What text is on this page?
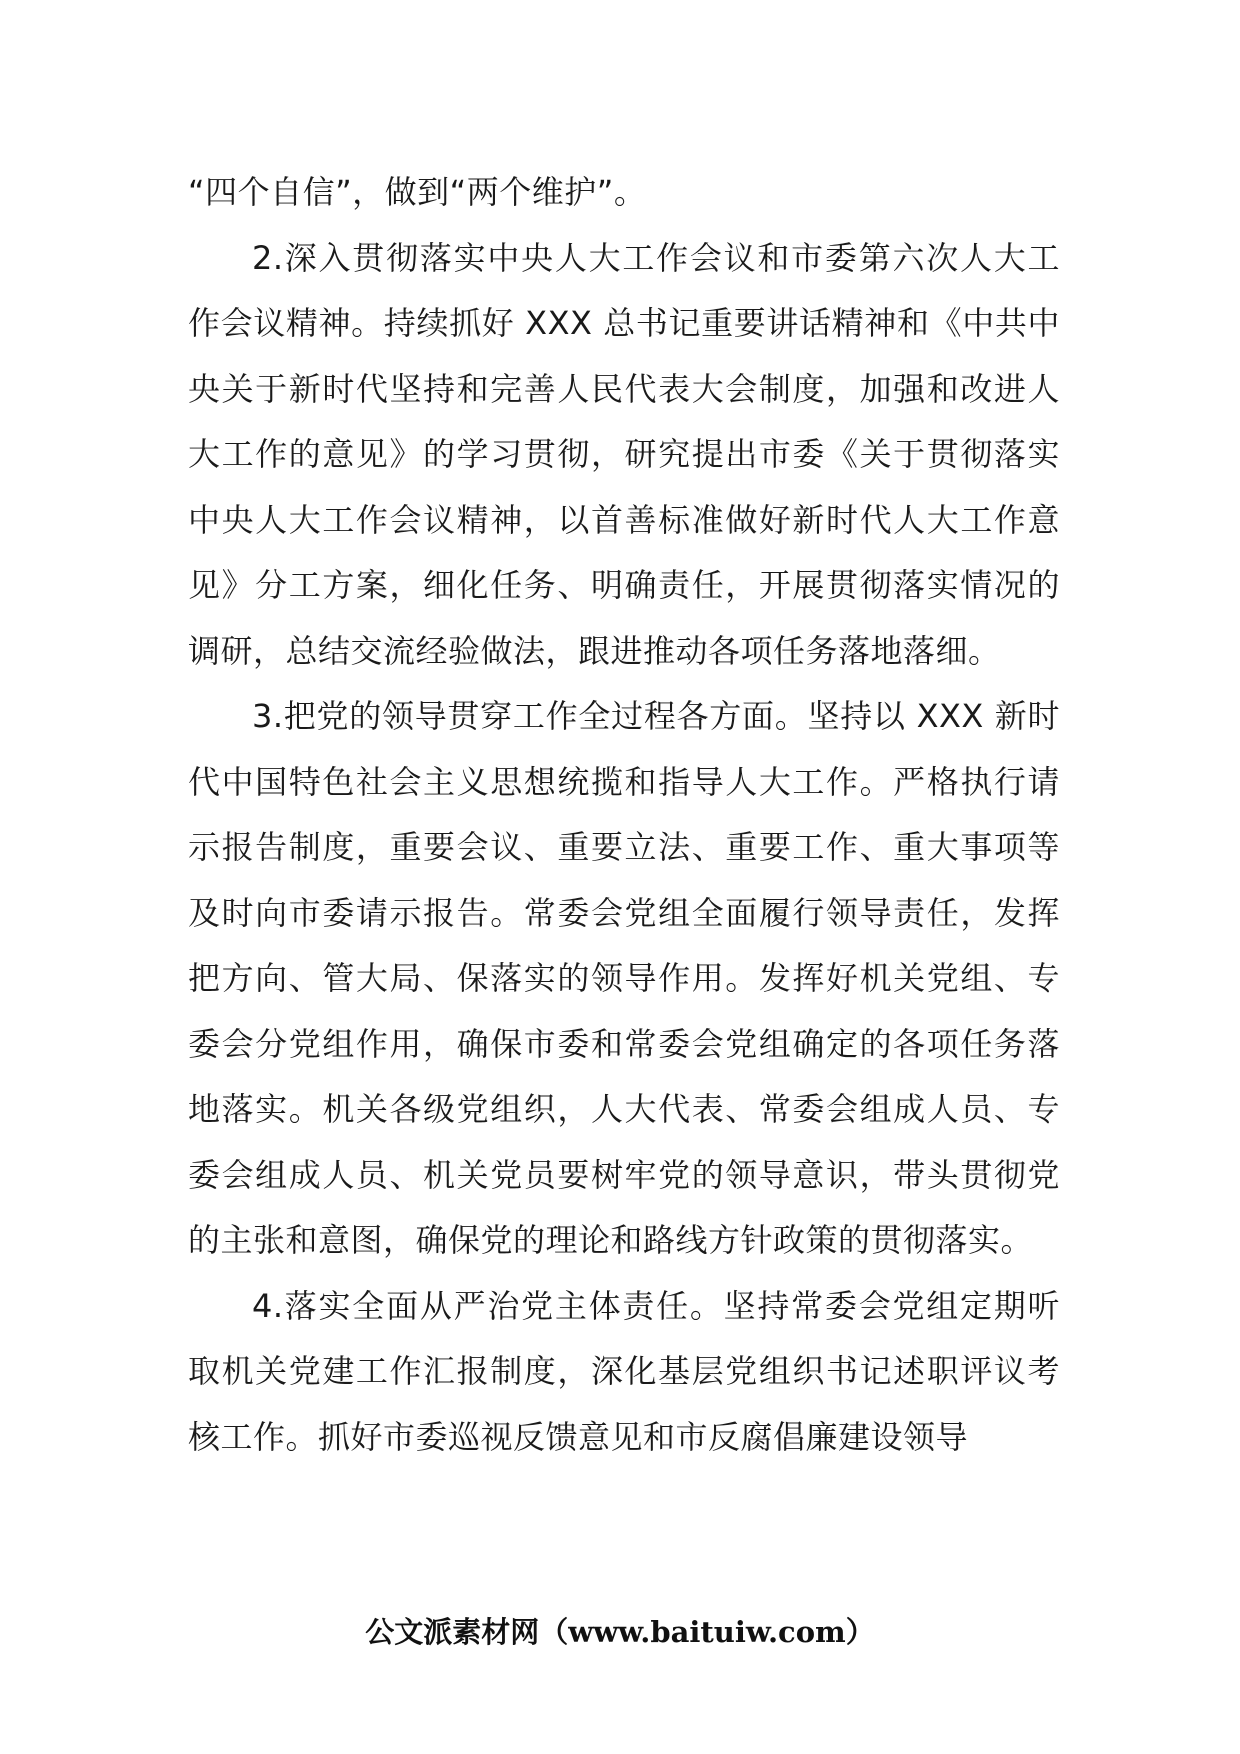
“四个自信”，做到“两个维护”。

2.深入贯彻落实中央人大工作会议和市委第六次人大工作会议精神。持续抓好 XXX 总书记重要讲话精神和《中共中央关于新时代坚持和完善人民代表大会制度，加强和改进人大工作的意见》的学习贯彻，研究提出市委《关于贯彻落实中央人大工作会议精神，以首善标准做好新时代人大工作意见》分工方案，细化任务、明确责任，开展贯彻落实情况的调研，总结交流经验做法，跟进推动各项任务落地落细。

3.把党的领导贯穿工作全过程各方面。坚持以 XXX 新时代中国特色社会主义思想统揽和指导人大工作。严格执行请示报告制度，重要会议、重要立法、重要工作、重大事项等及时向市委请示报告。常委会党组全面履行领导责任，发挥把方向、管大局、保落实的领导作用。发挥好机关党组、专委会分党组作用，确保市委和常委会党组确定的各项任务落地落实。机关各级党组织，人大代表、常委会组成人员、专委会组成人员、机关党员要树牢党的领导意识，带头贯彻党的主张和意图，确保党的理论和路线方针政策的贯彻落实。

4.落实全面从严治党主体责任。坚持常委会党组定期听取机关党建工作汇报制度，深化基层党组织书记述职评议考核工作。抓好市委巡视反馈意见和市反腐倡廉建设领导

公文派素材网（www.baituiw.com）
